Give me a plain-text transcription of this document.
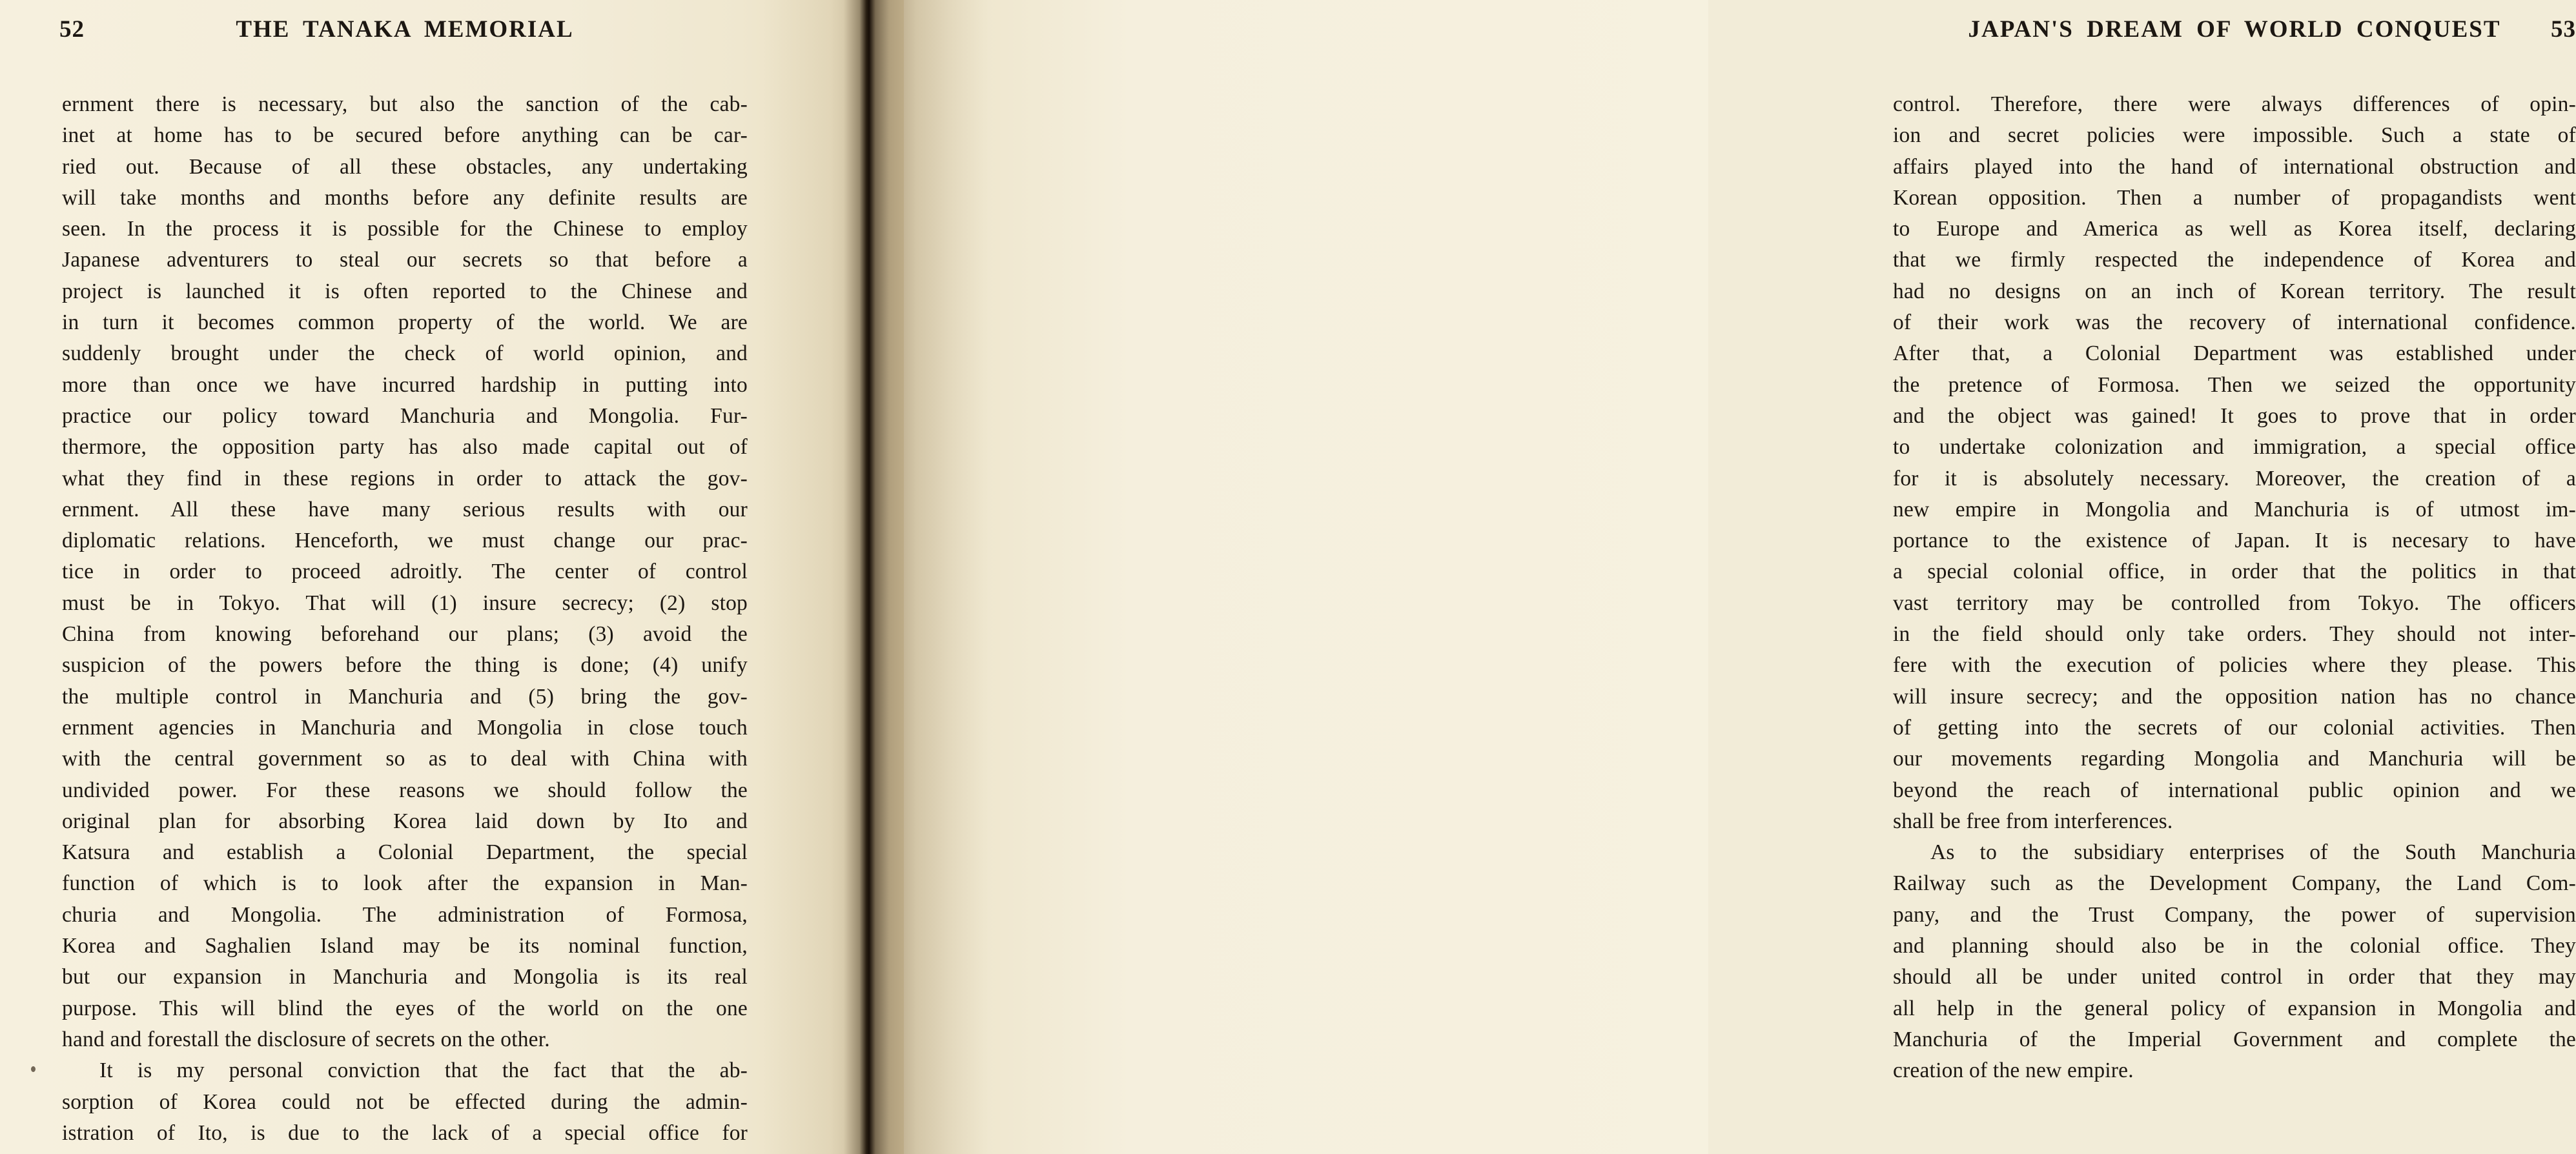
52	THE TANAKA MEMORIAL
ernment there is necessary, but also the sanction of the cab-
inet at home has to be secured before anything can be car-
ried out. Because of all these obstacles, any undertaking
will take months and months before any definite results are
seen. In the process it is possible for the Chinese to employ
Japanese adventurers to steal our secrets so that before a
project is launched it is often reported to the Chinese and
in turn it becomes common property of the world. We are
suddenly brought under the check of world opinion, and
more than once we have incurred hardship in putting into
practice our policy toward Manchuria and Mongolia. Fur-
thermore, the opposition party has also made capital out of
what they find in these regions in order to attack the gov-
ernment. All these have many serious results with our
diplomatic relations. Henceforth, we must change our prac-
tice in order to proceed adroitly. The center of control
must be in Tokyo. That will (1) insure secrecy; (2) stop
China from knowing beforehand our plans; (3) avoid the
suspicion of the powers before the thing is done; (4) unify
the multiple control in Manchuria and (5) bring the gov-
ernment agencies in Manchuria and Mongolia in close touch
with the central government so as to deal with China with
undivided power. For these reasons we should follow the
original plan for absorbing Korea laid down by Ito and
Katsura and establish a Colonial Department, the special
function of which is to look after the expansion in Man-
churia and Mongolia. The administration of Formosa,
Korea and Saghalien Island may be its nominal function,
but our expansion in Manchuria and Mongolia is its real
purpose. This will blind the eyes of the world on the one
hand and forestall the disclosure of secrets on the other.
It is my personal conviction that the fact that the ab-
sorption of Korea could not be effected during the admin-
istration of Ito, is due to the lack of a special office for
JAPAN'S DREAM OF WORLD CONQUEST	53
control. Therefore, there were always differences of opin-
ion and secret policies were impossible. Such a state of
affairs played into the hand of international obstruction and
Korean opposition. Then a number of propagandists went
to Europe and America as well as Korea itself, declaring
that we firmly respected the independence of Korea and
had no designs on an inch of Korean territory. The result
of their work was the recovery of international confidence.
After that, a Colonial Department was established under
the pretence of Formosa. Then we seized the opportunity
and the object was gained! It goes to prove that in order
to undertake colonization and immigration, a special office
for it is absolutely necessary. Moreover, the creation of a
new empire in Mongolia and Manchuria is of utmost im-
portance to the existence of Japan. It is necesary to have
a special colonial office, in order that the politics in that
vast territory may be controlled from Tokyo. The officers
in the field should only take orders. They should not inter-
fere with the execution of policies where they please. This
will insure secrecy; and the opposition nation has no chance
of getting into the secrets of our colonial activities. Then
our movements regarding Mongolia and Manchuria will be
beyond the reach of international public opinion and we
shall be free from interferences.
As to the subsidiary enterprises of the South Manchuria
Railway such as the Development Company, the Land Com-
pany, and the Trust Company, the power of supervision
and planning should also be in the colonial office. They
should all be under united control in order that they may
all help in the general policy of expansion in Mongolia and
Manchuria of the Imperial Government and complete the
creation of the new empire.
